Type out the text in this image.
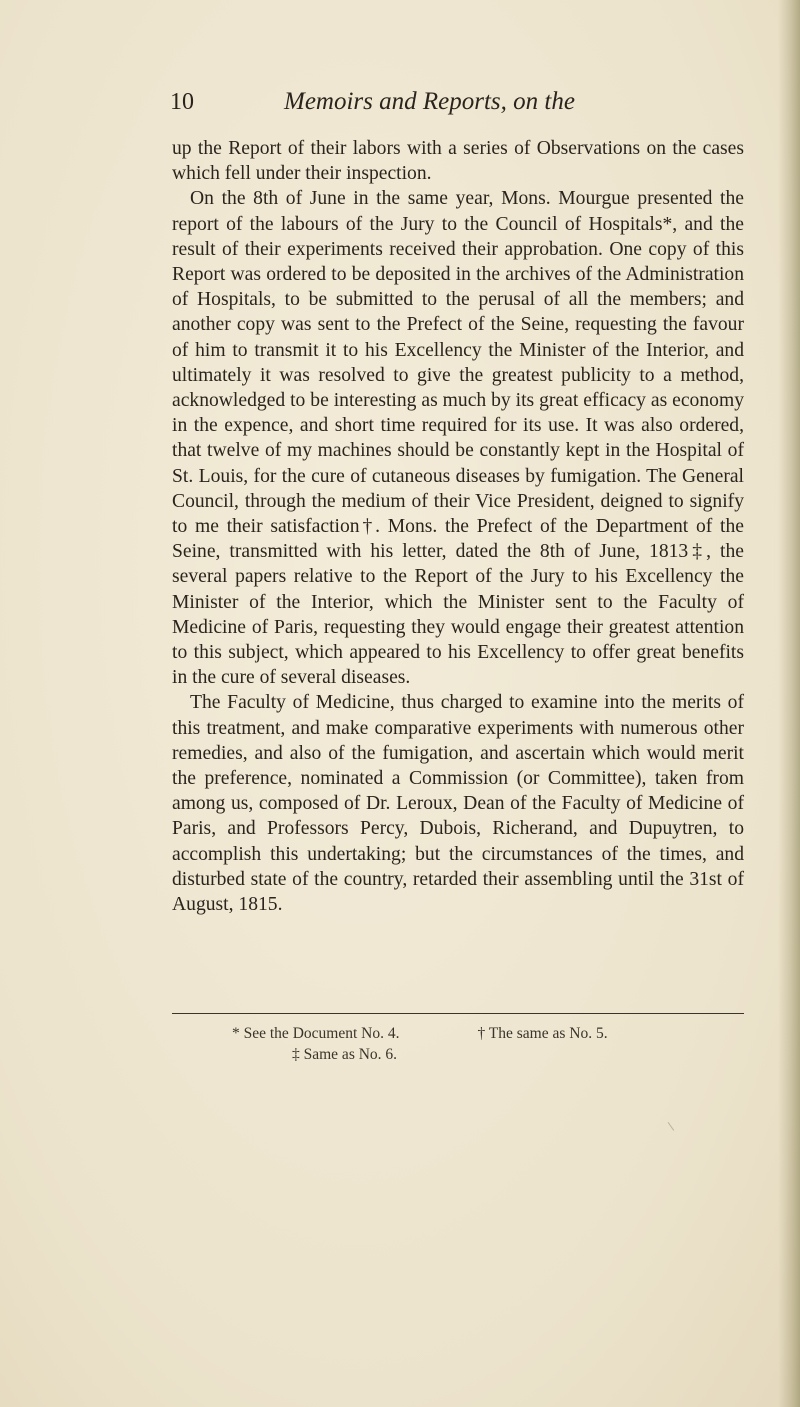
10	Memoirs and Reports, on the

up the Report of their labors with a series of Observations on the cases which fell under their inspection.

On the 8th of June in the same year, Mons. Mourgue presented the report of the labours of the Jury to the Council of Hospitals*, and the result of their experiments received their approbation. One copy of this Report was ordered to be deposited in the archives of the Administration of Hospitals, to be submitted to the perusal of all the members; and another copy was sent to the Prefect of the Seine, requesting the favour of him to transmit it to his Excellency the Minister of the Interior, and ultimately it was resolved to give the greatest publicity to a method, acknowledged to be interesting as much by its great efficacy as economy in the expence, and short time required for its use. It was also ordered, that twelve of my machines should be constantly kept in the Hospital of St. Louis, for the cure of cutaneous diseases by fumigation. The General Council, through the medium of their Vice President, deigned to signify to me their satisfaction†. Mons. the Prefect of the Department of the Seine, transmitted with his letter, dated the 8th of June, 1813‡, the several papers relative to the Report of the Jury to his Excellency the Minister of the Interior, which the Minister sent to the Faculty of Medicine of Paris, requesting they would engage their greatest attention to this subject, which appeared to his Excellency to offer great benefits in the cure of several diseases.

The Faculty of Medicine, thus charged to examine into the merits of this treatment, and make comparative experiments with numerous other remedies, and also of the fumigation, and ascertain which would merit the preference, nominated a Commission (or Committee), taken from among us, composed of Dr. Leroux, Dean of the Faculty of Medicine of Paris, and Professors Percy, Dubois, Richerand, and Dupuytren, to accomplish this undertaking; but the circumstances of the times, and disturbed state of the country, retarded their assembling until the 31st of August, 1815.

* See the Document No. 4.	† The same as No. 5.
‡ Same as No. 6.
